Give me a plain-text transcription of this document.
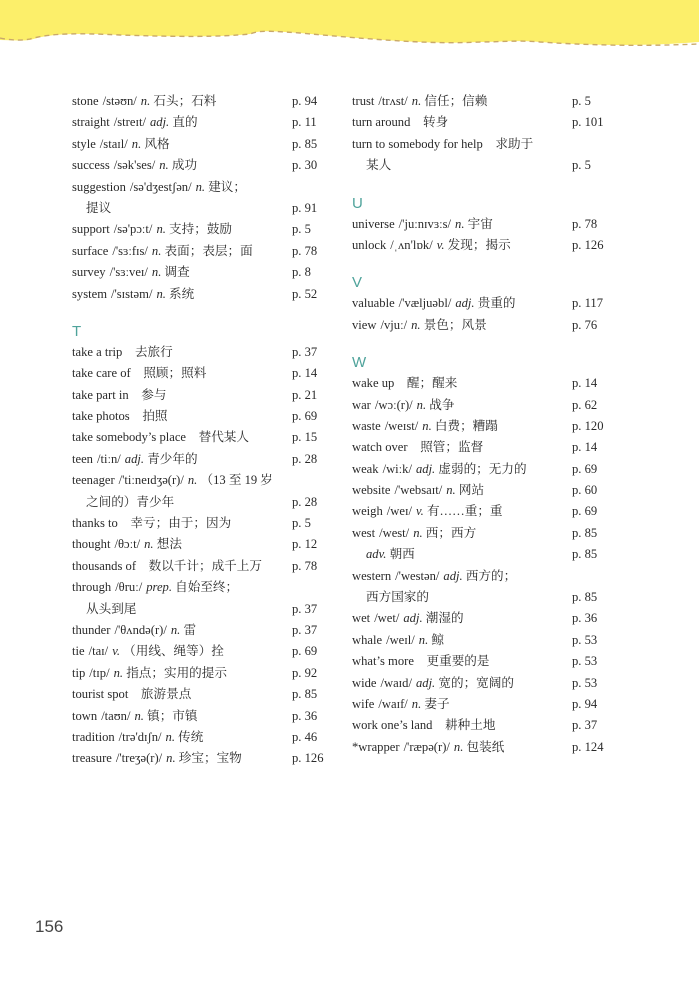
stone /stəʊn/ n. 石头；石料	p. 94
straight /streɪt/ adj. 直的	p. 11
style /staɪl/ n. 风格	p. 85
success /sək'ses/ n. 成功	p. 30
suggestion /sə'dʒestʃən/ n. 建议；
提议	p. 91
support /sə'pɔːt/ n. 支持；鼓励	p. 5
surface /'sɜːfɪs/ n. 表面；表层；面	p. 78
survey /'sɜːveɪ/ n. 调查	p. 8
system /'sɪstəm/ n. 系统	p. 52
T
take a trip 去旅行	p. 37
take care of 照顾；照料	p. 14
take part in 参与	p. 21
take photos 拍照	p. 69
take somebody’s place 替代某人	p. 15
teen /tiːn/ adj. 青少年的	p. 28
teenager /'tiːneɪdʒə(r)/ n. （13 至 19 岁
之间的）青少年	p. 28
thanks to 幸亏；由于；因为	p. 5
thought /θɔːt/ n. 想法	p. 12
thousands of 数以千计；成千上万 p. 78
through /θruː/ prep. 自始至终；
从头到尾	p. 37
thunder /'θʌndə(r)/ n. 雷	p. 37
tie /taɪ/ v. （用线、绳等）拴	p. 69
tip /tɪp/ n. 指点；实用的提示	p. 92
tourist spot 旅游景点	p. 85
town /taʊn/ n. 镇；市镇	p. 36
tradition /trə'dɪʃn/ n. 传统	p. 46
treasure /'treʒə(r)/ n. 珍宝；宝物	p. 126
trust /trʌst/ n. 信任；信赖	p. 5
turn around 转身	p. 101
turn to somebody for help 求助于
某人	p. 5
U
universe /'juːnɪvɜːs/ n. 宇宙	p. 78
unlock /ˌʌn'lɒk/ v. 发现；揭示	p. 126
V
valuable /'væljuəbl/ adj. 贵重的	p. 117
view /vjuː/ n. 景色；风景	p. 76
W
wake up 醒；醒来	p. 14
war /wɔː(r)/ n. 战争	p. 62
waste /weɪst/ n. 白费；糟蹋	p. 120
watch over 照管；监督	p. 14
weak /wiːk/ adj. 虚弱的；无力的	p. 69
website /'websaɪt/ n. 网站	p. 60
weigh /weɪ/ v. 有……重；重	p. 69
west /west/ n. 西；西方	p. 85
adv. 朝西	p. 85
western /'westən/ adj. 西方的；
西方国家的	p. 85
wet /wet/ adj. 潮湿的	p. 36
whale /weɪl/ n. 鲸	p. 53
what’s more 更重要的是	p. 53
wide /waɪd/ adj. 宽的；宽阔的	p. 53
wife /waɪf/ n. 妻子	p. 94
work one’s land 耕种土地	p. 37
*wrapper /'ræpə(r)/ n. 包装纸	p. 124
156
